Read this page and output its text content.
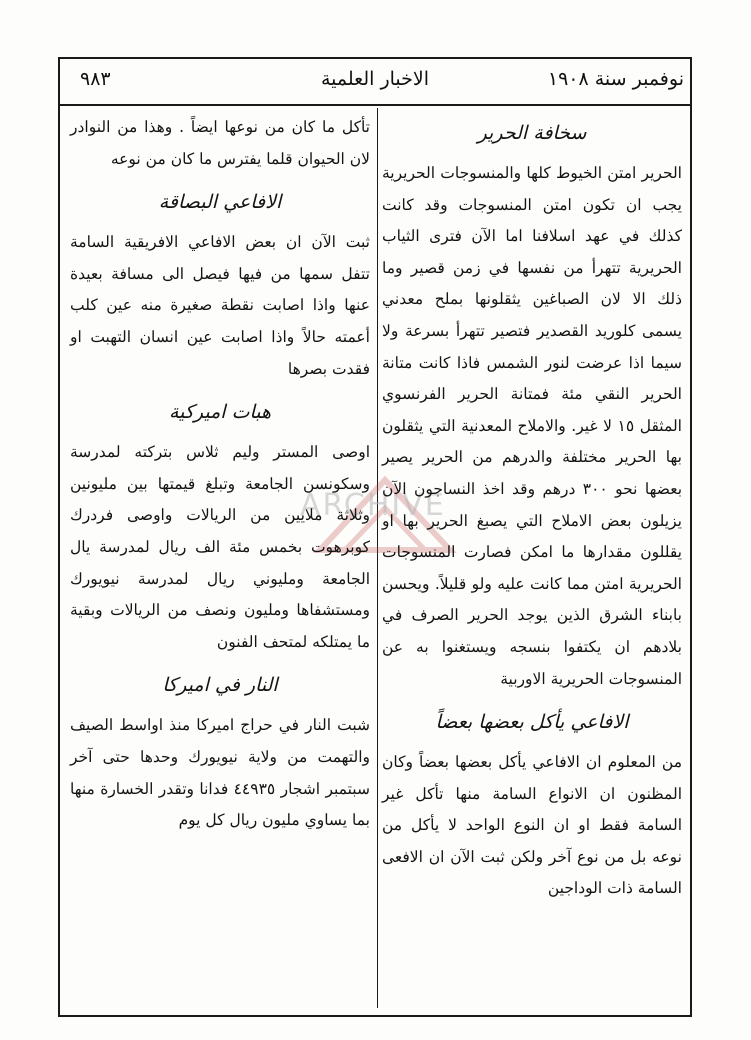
نوفمبر سنة ١٩٠٨
الاخبار العلمية
٩٨٣
ARCHIVE
سخافة الحرير

الحرير امتن الخيوط كلها والمنسوجات الحريرية يجب ان تكون امتن المنسوجات وقد كانت كذلك في عهد اسلافنا اما الآن فترى الثياب الحريرية تتهرأ من نفسها في زمن قصير وما ذلك الا لان الصباغين يثقلونها بملح معدني يسمى كلوريد القصدير فتصير تتهرأ بسرعة ولا سيما اذا عرضت لنور الشمس فاذا كانت متانة الحرير النقي مئة فمتانة الحرير الفرنسوي المثقل ١٥ لا غير. والاملاح المعدنية التي يثقلون بها الحرير مختلفة والدرهم من الحرير يصير بعضها نحو ٣٠٠ درهم وقد اخذ النساجون الآن يزيلون بعض الاملاح التي يصبغ الحرير بها او يقللون مقدارها ما امكن فصارت المنسوجات الحريرية امتن مما كانت عليه ولو قليلاً. ويحسن بابناء الشرق الذين يوجد الحرير الصرف في بلادهم ان يكتفوا بنسجه ويستغنوا به عن المنسوجات الحريرية الاوربية

الافاعي يأكل بعضها بعضاً

من المعلوم ان الافاعي يأكل بعضها بعضاً وكان المظنون ان الانواع السامة منها تأكل غير السامة فقط او ان النوع الواحد لا يأكل من نوعه بل من نوع آخر ولكن ثبت الآن ان الافعى السامة ذات الوداجين

تأكل ما كان من نوعها ايضاً . وهذا من النوادر لان الحيوان قلما يفترس ما كان من نوعه

الافاعي البصاقة

ثبت الآن ان بعض الافاعي الافريقية السامة تتفل سمها من فيها فيصل الى مسافة بعيدة عنها واذا اصابت نقطة صغيرة منه عين كلب أعمته حالاً واذا اصابت عين انسان التهبت او فقدت بصرها

هبات اميركية

اوصى المستر وليم ثلاس بتركته لمدرسة وسكونسن الجامعة وتبلغ قيمتها بين مليونين وثلاثة ملايين من الريالات واوصى فردرك كوبرهوت بخمس مئة الف ريال لمدرسة يال الجامعة ومليوني ريال لمدرسة نيويورك ومستشفاها ومليون ونصف من الريالات وبقية ما يمتلكه لمتحف الفنون

النار في اميركا

شبت النار في حراج اميركا منذ اواسط الصيف والتهمت من ولاية نيويورك وحدها حتى آخر سبتمبر اشجار ٤٤٩٣٥ فدانا وتقدر الخسارة منها بما يساوي مليون ريال كل يوم
